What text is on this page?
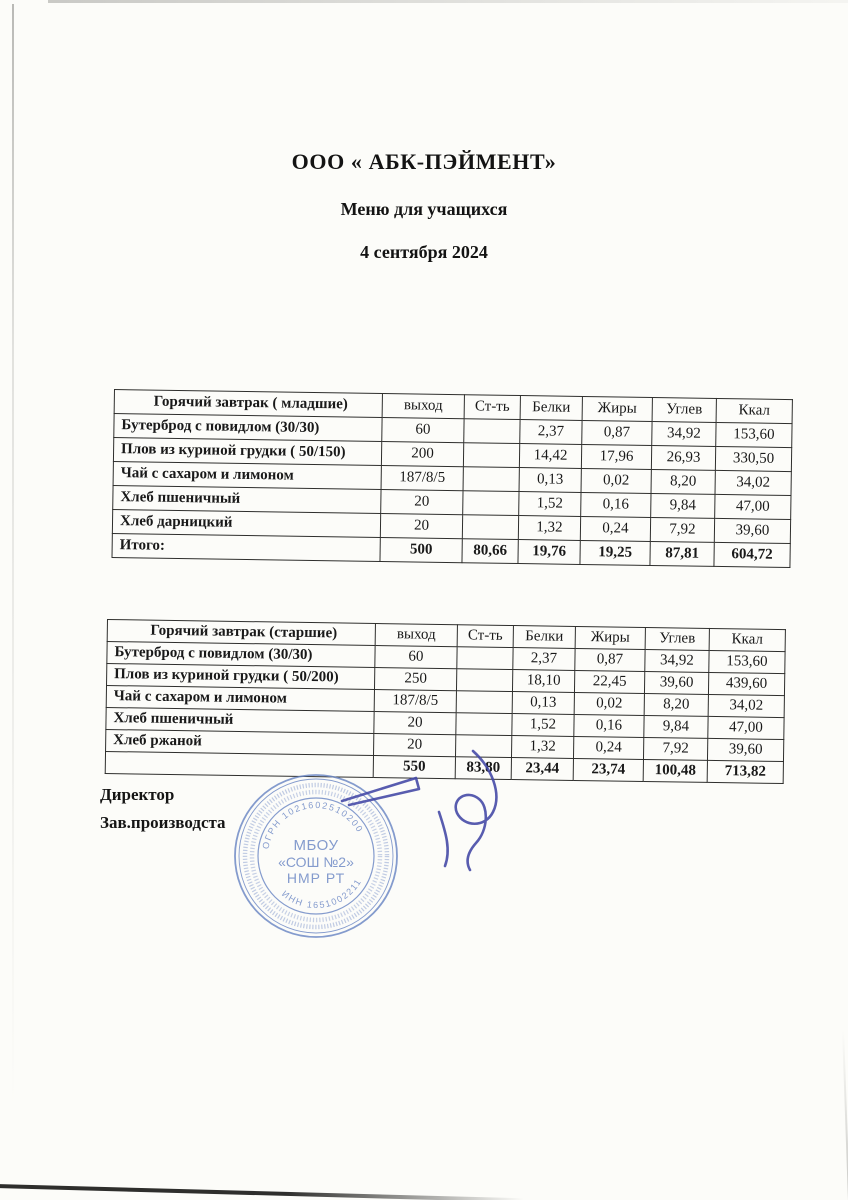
ООО « АБК-ПЭЙМЕНТ»
Меню для учащихся
4 сентября 2024
Горячий завтрак ( младшие)	выход	Ст-ть	Белки	Жиры	Углев	Ккал
Бутерброд с повидлом (30/30)	60		2,37	0,87	34,92	153,60
Плов из куриной грудки ( 50/150)	200		14,42	17,96	26,93	330,50
Чай с сахаром и лимоном	187/8/5		0,13	0,02	8,20	34,02
Хлеб пшеничный	20		1,52	0,16	9,84	47,00
Хлеб дарницкий	20		1,32	0,24	7,92	39,60
Итого:	500	80,66	19,76	19,25	87,81	604,72
Горячий завтрак (старшие)	выход	Ст-ть	Белки	Жиры	Углев	Ккал
Бутерброд с повидлом (30/30)	60		2,37	0,87	34,92	153,60
Плов из куриной грудки ( 50/200)	250		18,10	22,45	39,60	439,60
Чай с сахаром и лимоном	187/8/5		0,13	0,02	8,20	34,02
Хлеб пшеничный	20		1,52	0,16	9,84	47,00
Хлеб ржаной	20		1,32	0,24	7,92	39,60
	550	83,80	23,44	23,74	100,48	713,82
Директор
Зав.производста
ОГРН 1021602510200
ИНН 1651002211
МБОУ
«СОШ №2»
НМР РТ
